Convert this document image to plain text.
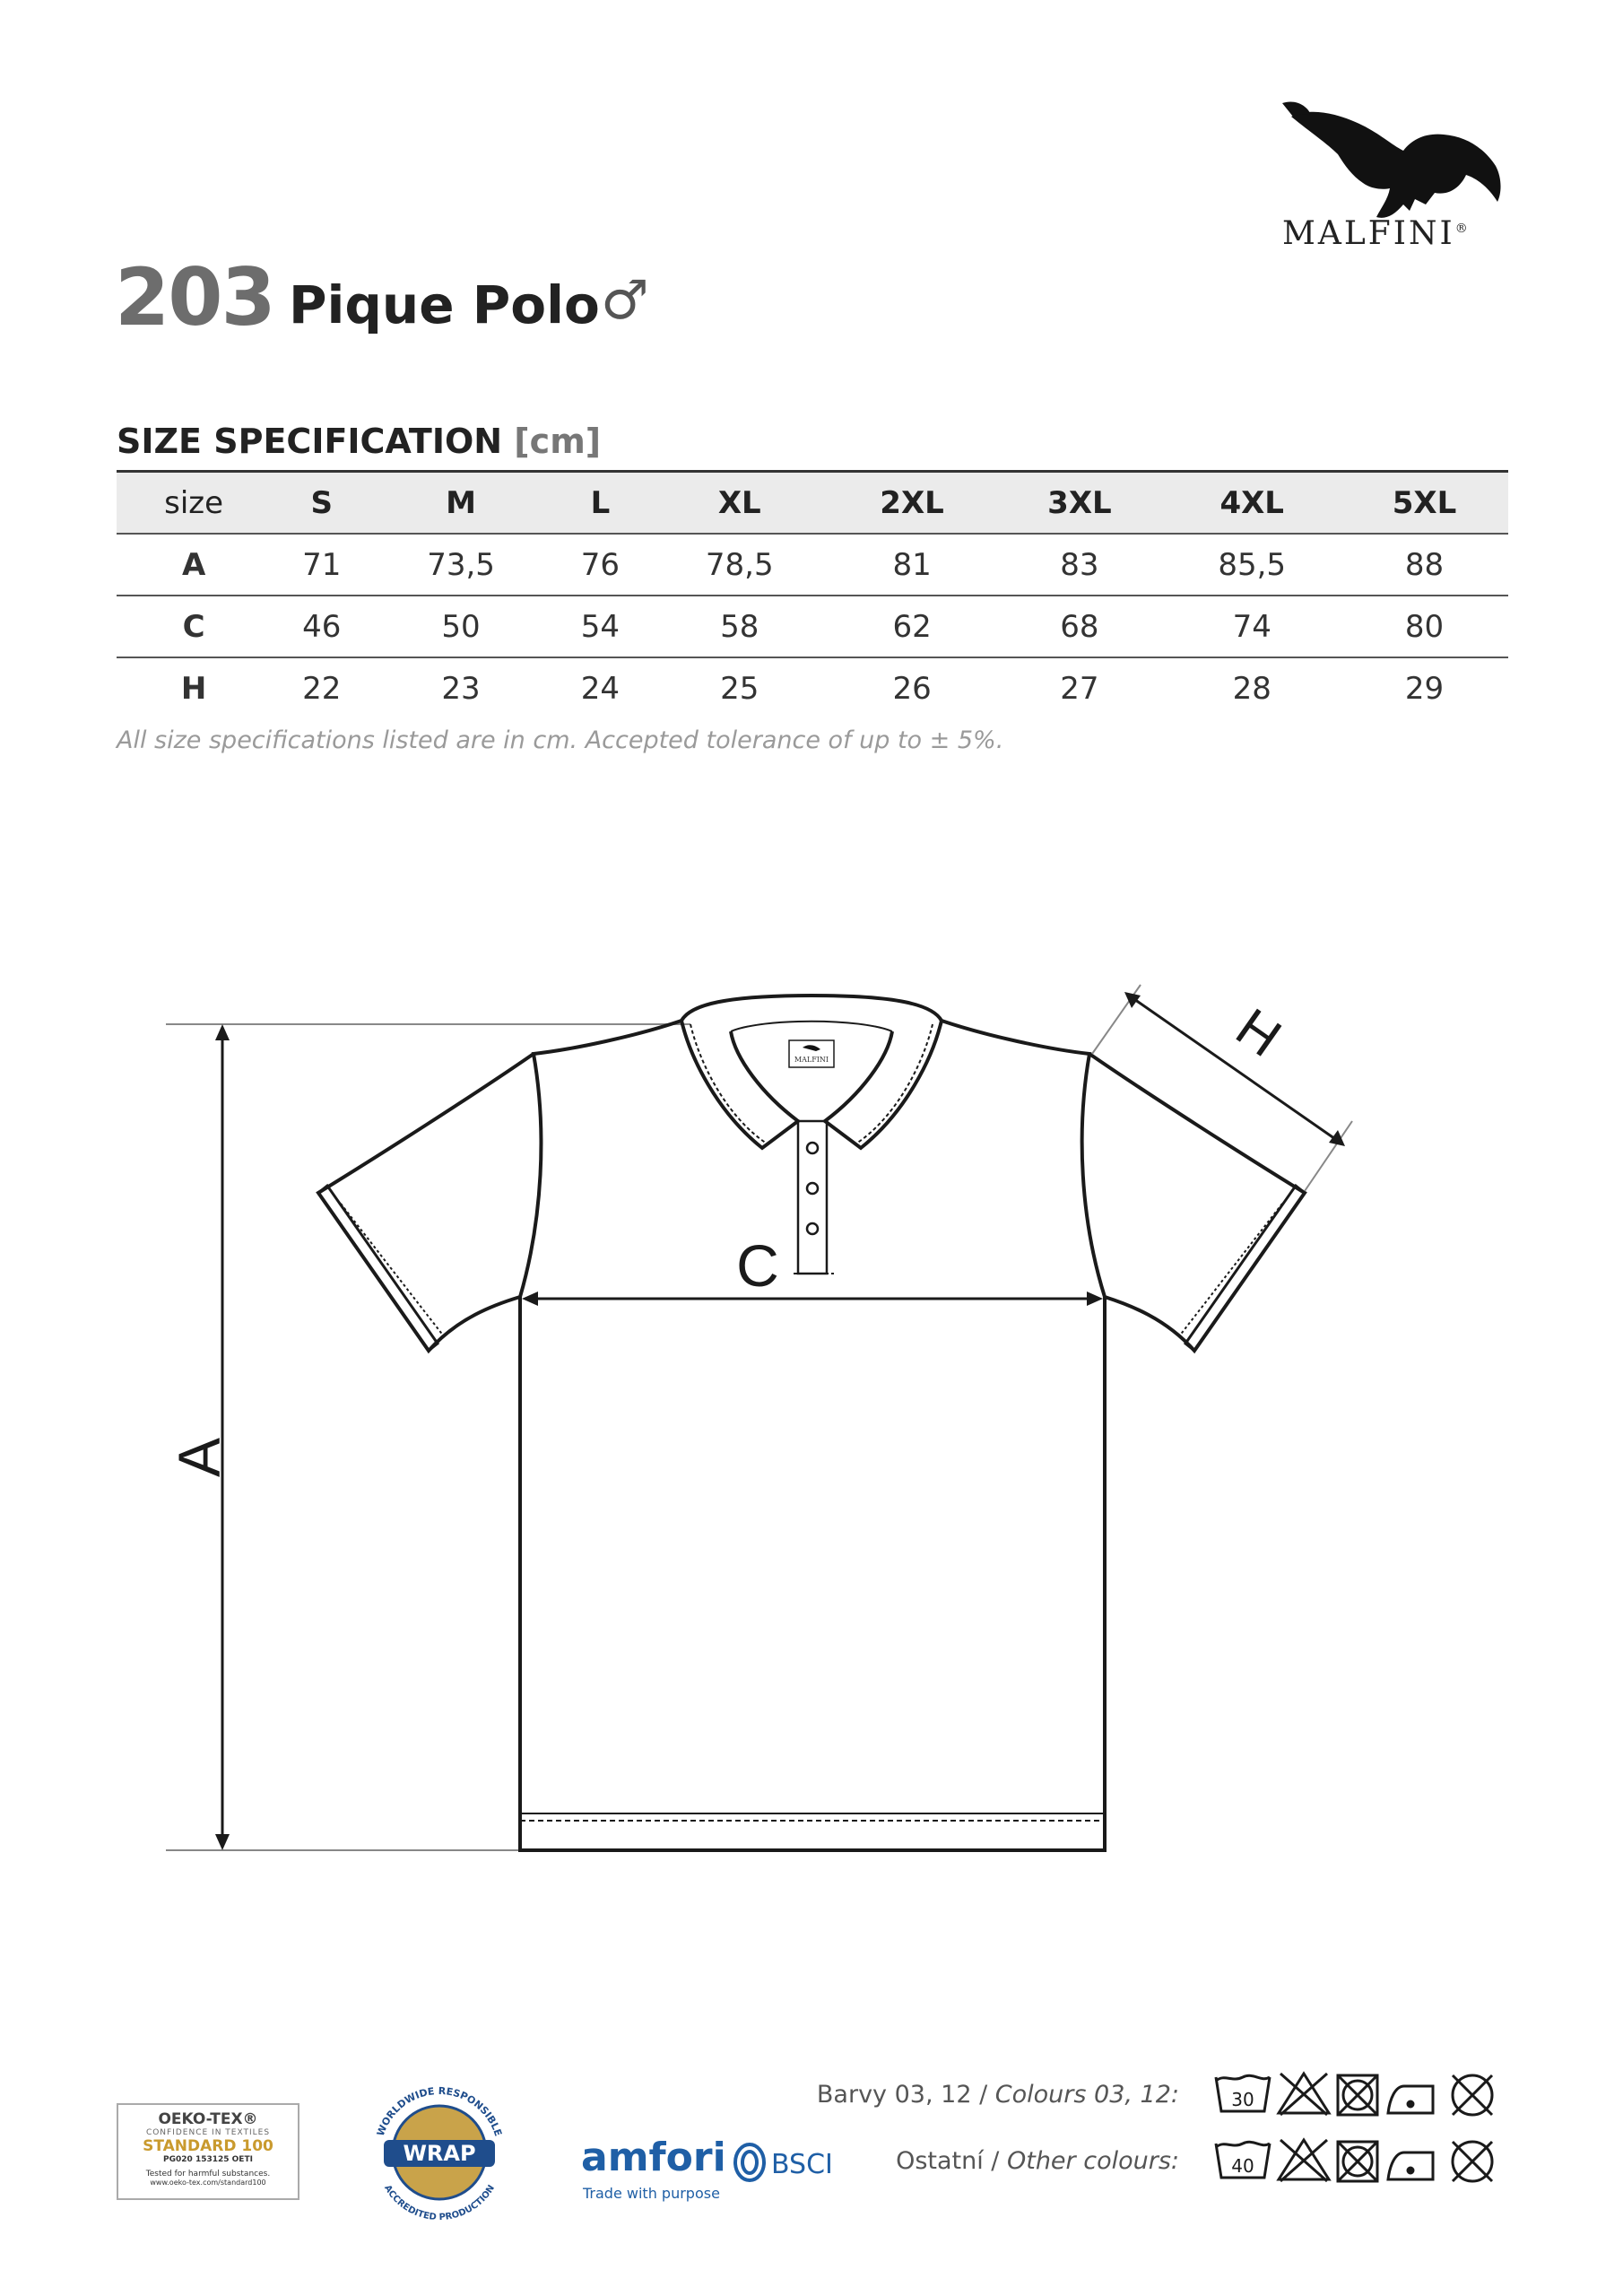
MALFINI®
203 Pique Polo ♂
SIZE SPECIFICATION [cm]
size	S	M	L	XL	2XL	3XL	4XL	5XL
A	71	73,5	76	78,5	81	83	85,5	88
C	46	50	54	58	62	68	74	80
H	22	23	24	25	26	27	28	29
All size specifications listed are in cm. Accepted tolerance of up to ± 5%.
MALFINI
A
C
H
OEKO-TEX®
CONFIDENCE IN TEXTILES
STANDARD 100
PG020 153125 OETI
Tested for harmful substances.
www.oeko-tex.com/standard100
WORLDWIDE RESPONSIBLE
ACCREDITED PRODUCTION
WRAP	amfori
Trade with purpose
BSCI
Barvy 03, 12 / Colours 03, 12:
Ostatní / Other colours:
30
40
